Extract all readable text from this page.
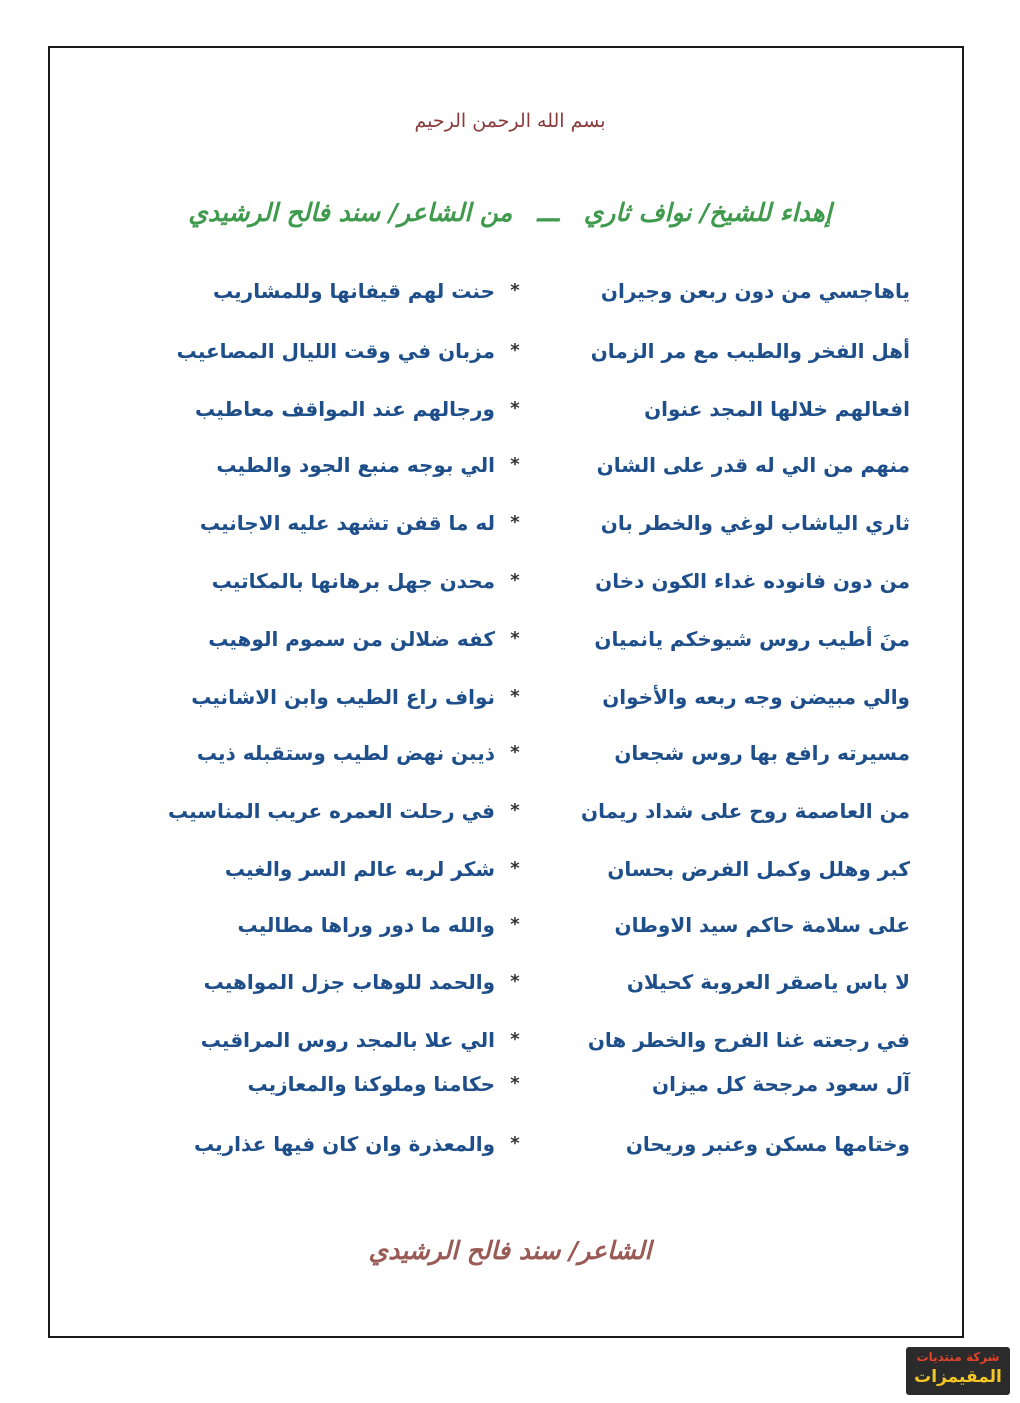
بسم الله الرحمن الرحيم
إهداء للشيخ/ نواف ثاري ـــ من الشاعر/ سند فالح الرشيدي
ياهاجسي من دون ربعن وجيران
*
حنت لهم قيفانها وللمشاريب
أهل الفخر والطيب مع مر الزمان
*
مزبان في وقت الليال المصاعيب
افعالهم خلالها المجد عنوان
*
ورجالهم عند المواقف معاطيب
منهم من الي له قدر على الشان
*
الي بوجه منبع الجود والطيب
ثاري الياشاب لوغي والخطر بان
*
له ما قفن تشهد عليه الاجانيب
من دون فانوده غداء الكون دخان
*
محدن جهل برهانها بالمكاتيب
منَ أطيب روس شيوخكم يانميان
*
كفه ضلالن من سموم الوهيب
والي مبيضن وجه ربعه والأخوان
*
نواف راع الطيب وابن الاشانيب
مسيرته رافع بها روس شجعان
*
ذيبن نهض لطيب وستقبله ذيب
من العاصمة روح على شداد ريمان
*
في رحلت العمره عريب المناسيب
كبر وهلل وكمل الفرض بحسان
*
شكر لربه عالم السر والغيب
على سلامة حاكم سيد الاوطان
*
والله ما دور وراها مطاليب
لا باس ياصقر العروبة كحيلان
*
والحمد للوهاب جزل المواهيب
في رجعته غنا الفرح والخطر هان
*
الي علا بالمجد روس المراقيب
آل سعود مرجحة كل ميزان
*
حكامنا وملوكنا والمعازيب
وختامها مسكن وعنبر وريحان
*
والمعذرة وان كان فيها عذاريب
الشاعر/ سند فالح الرشيدي
شركة منتديات
المقيمزات
